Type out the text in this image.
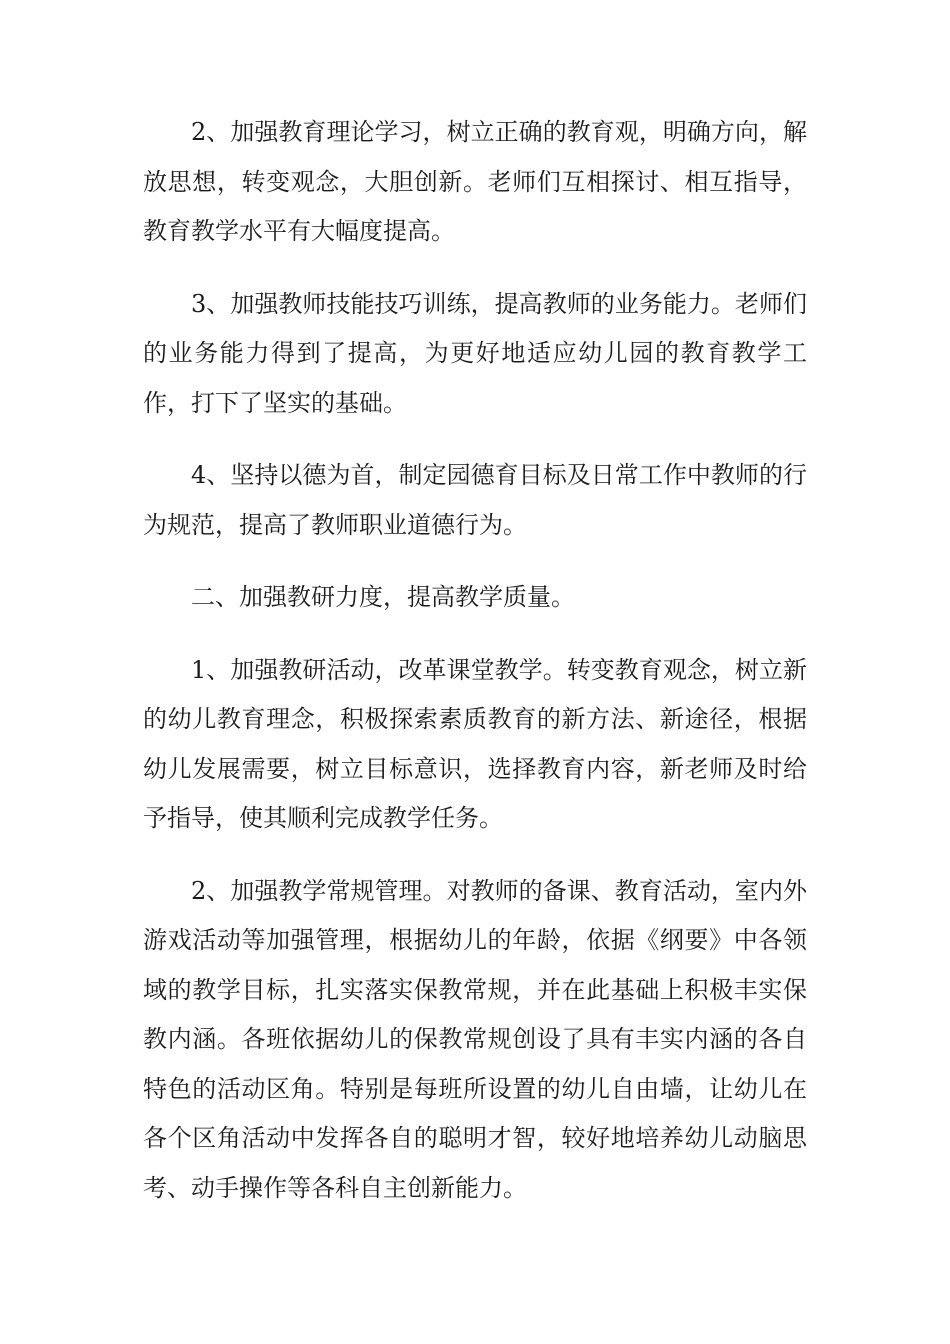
2、加强教育理论学习，树立正确的教育观，明确方向，解放思想，转变观念，大胆创新。老师们互相探讨、相互指导，教育教学水平有大幅度提高。

3、加强教师技能技巧训练，提高教师的业务能力。老师们的业务能力得到了提高，为更好地适应幼儿园的教育教学工作，打下了坚实的基础。

4、坚持以德为首，制定园德育目标及日常工作中教师的行为规范，提高了教师职业道德行为。

二、加强教研力度，提高教学质量。

1、加强教研活动，改革课堂教学。转变教育观念，树立新的幼儿教育理念，积极探索素质教育的新方法、新途径，根据幼儿发展需要，树立目标意识，选择教育内容，新老师及时给予指导，使其顺利完成教学任务。

2、加强教学常规管理。对教师的备课、教育活动，室内外游戏活动等加强管理，根据幼儿的年龄，依据《纲要》中各领域的教学目标，扎实落实保教常规，并在此基础上积极丰实保教内涵。各班依据幼儿的保教常规创设了具有丰实内涵的各自特色的活动区角。特别是每班所设置的幼儿自由墙，让幼儿在各个区角活动中发挥各自的聪明才智，较好地培养幼儿动脑思考、动手操作等各科自主创新能力。
